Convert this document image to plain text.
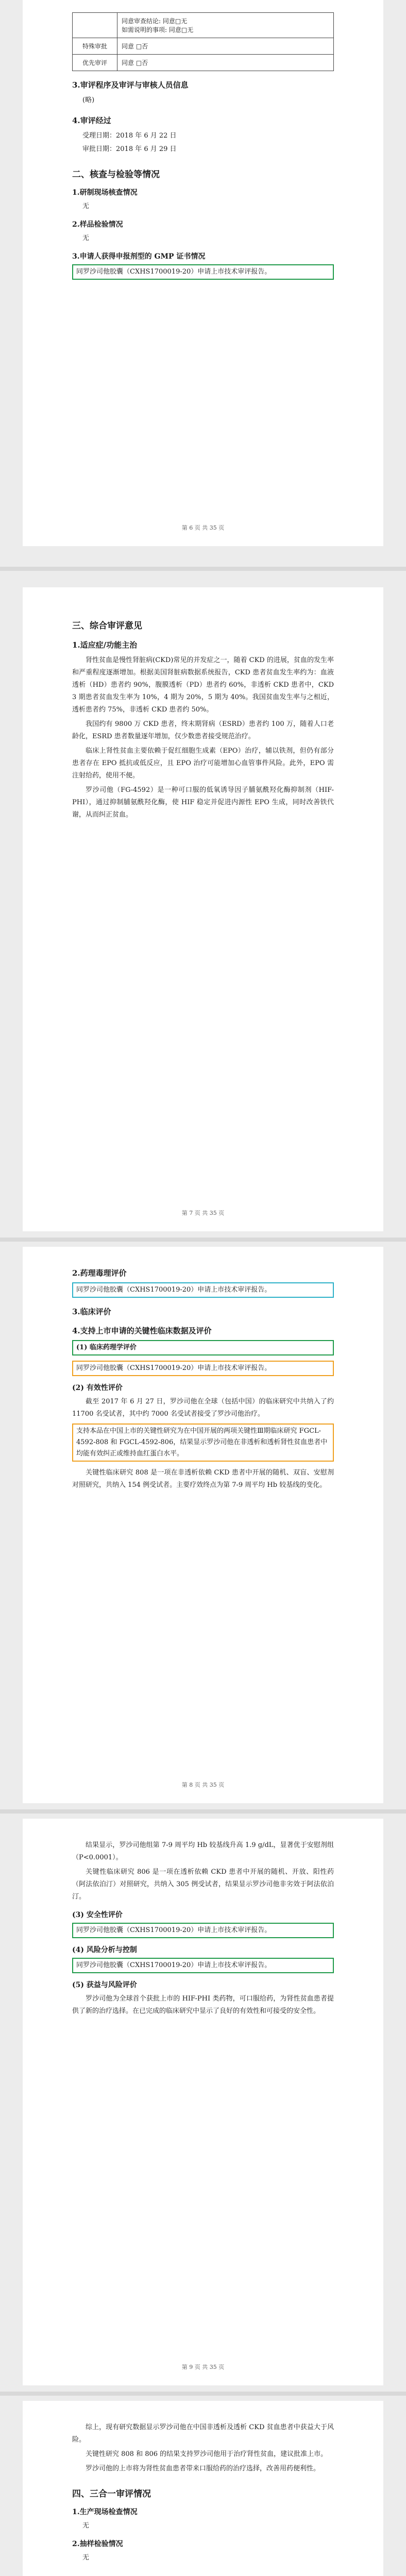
	同意审查结论: 同意□无
如需说明的事项: 同意□无

特殊审批	同意 □否
优先审评	同意 □否
3.审评程序及审评与审核人员信息
(略)
4.审评经过
受理日期：2018 年 6 月 22 日
审批日期：2018 年 6 月 29 日
二、核查与检验等情况
1.研制现场核查情况
无
2.样品检验情况
无
3.申请人获得申报剂型的 GMP 证书情况
同罗沙司他胶囊（CXHS1700019-20）申请上市技术审评报告。
第 6 页 共 35 页
三、综合审评意见
1.适应症/功能主治

肾性贫血是慢性肾脏病(CKD)常见的并发症之一，随着 CKD 的进展，贫血的发生率和严重程度逐渐增加。根据美国肾脏病数据系统报告，CKD 患者贫血发生率约为：血液透析（HD）患者约 90%，腹膜透析（PD）患者约 60%，非透析 CKD 患者中，CKD 3 期患者贫血发生率为 10%，4 期为 20%，5 期为 40%。我国贫血发生率与之相近，透析患者约 75%，非透析 CKD 患者约 50%。

我国约有 9800 万 CKD 患者，终末期肾病（ESRD）患者约 100 万，随着人口老龄化，ESRD 患者数量逐年增加，仅少数患者接受规范治疗。

临床上肾性贫血主要依赖于促红细胞生成素（EPO）治疗，辅以铁剂，但仍有部分患者存在 EPO 抵抗或低反应，且 EPO 治疗可能增加心血管事件风险。此外，EPO 需注射给药，使用不便。

罗沙司他（FG-4592）是一种可口服的低氧诱导因子脯氨酰羟化酶抑制剂（HIF-PHI），通过抑制脯氨酰羟化酶，使 HIF 稳定并促进内源性 EPO 生成，同时改善铁代谢，从而纠正贫血。

第 7 页 共 35 页
2.药理毒理评价
同罗沙司他胶囊（CXHS1700019-20）申请上市技术审评报告。
3.临床评价
4.支持上市申请的关键性临床数据及评价
(1) 临床药理学评价
同罗沙司他胶囊（CXHS1700019-20）申请上市技术审评报告。
(2) 有效性评价

截至 2017 年 6 月 27 日，罗沙司他在全球（包括中国）的临床研究中共纳入了约 11700 名受试者，其中约 7000 名受试者接受了罗沙司他治疗。

支持本品在中国上市的关键性研究为在中国开展的两项关键性Ⅲ期临床研究 FGCL-4592-808 和 FGCL-4592-806，结果显示罗沙司他在非透析和透析肾性贫血患者中均能有效纠正或维持血红蛋白水平。

关键性临床研究 808 是一项在非透析依赖 CKD 患者中开展的随机、双盲、安慰剂对照研究，共纳入 154 例受试者。主要疗效终点为第 7-9 周平均 Hb 较基线的变化。

第 8 页 共 35 页

结果显示，罗沙司他组第 7-9 周平均 Hb 较基线升高 1.9 g/dL，显著优于安慰剂组（P<0.0001）。

关键性临床研究 806 是一项在透析依赖 CKD 患者中开展的随机、开放、阳性药（阿法依泊汀）对照研究，共纳入 305 例受试者，结果显示罗沙司他非劣效于阿法依泊汀。

(3) 安全性评价
同罗沙司他胶囊（CXHS1700019-20）申请上市技术审评报告。
(4) 风险分析与控制
同罗沙司他胶囊（CXHS1700019-20）申请上市技术审评报告。
(5) 获益与风险评价

罗沙司他为全球首个获批上市的 HIF-PHI 类药物，可口服给药，为肾性贫血患者提供了新的治疗选择。在已完成的临床研究中显示了良好的有效性和可接受的安全性。

第 9 页 共 35 页

综上，现有研究数据显示罗沙司他在中国非透析及透析 CKD 贫血患者中获益大于风险。

关键性研究 808 和 806 的结果支持罗沙司他用于治疗肾性贫血，建议批准上市。

罗沙司他的上市将为肾性贫血患者带来口服给药的治疗选择，改善用药便利性。

四、三合一审评情况
1.生产现场检查情况
无
2.抽样检验情况
无
